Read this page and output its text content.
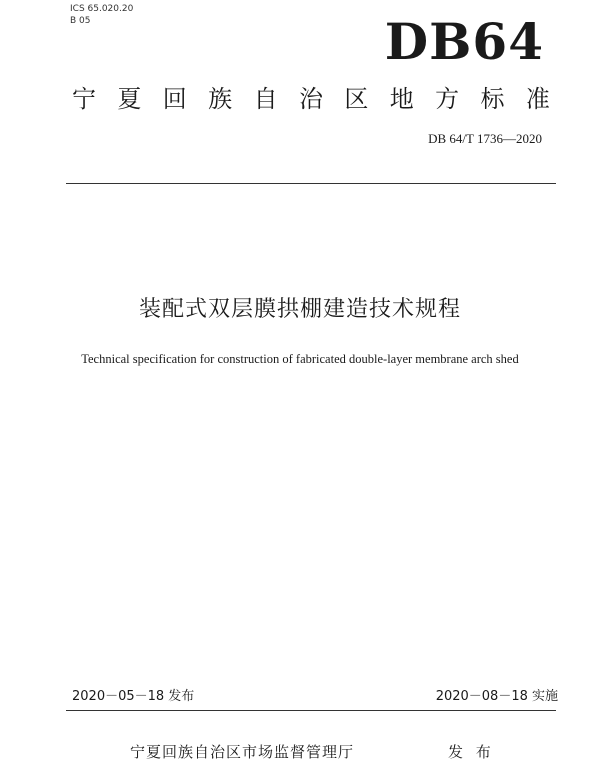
ICS 65.020.20
B 05	DB64
宁 夏 回 族 自 治 区 地 方 标 准
DB 64/T 1736—2020
装配式双层膜拱棚建造技术规程
Technical specification for construction of fabricated double-layer membrane arch shed
2020－05－18 发布	2020－08－18 实施
宁夏回族自治区市场监督管理厅	发 布
